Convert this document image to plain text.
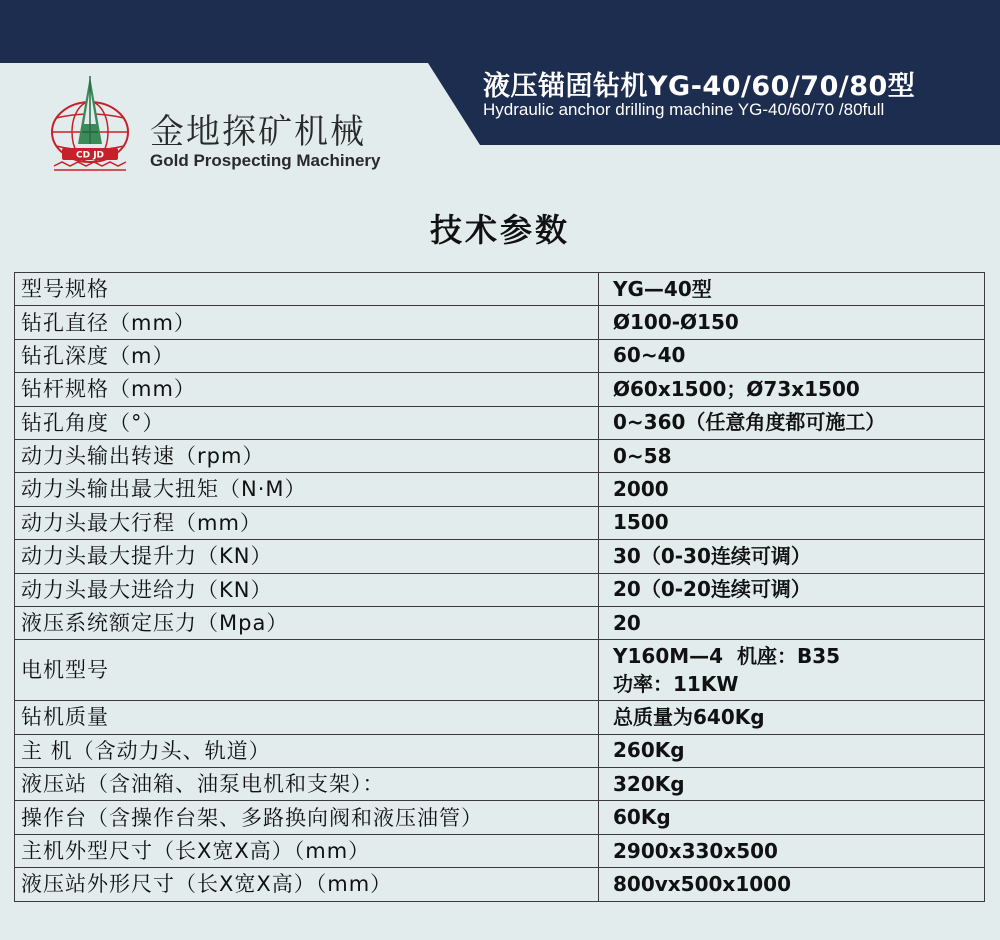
液压锚固钻机YG-40/60/70/80型
Hydraulic anchor drilling machine YG-40/60/70 /80full
CD JD
金地探矿机械
Gold Prospecting Machinery
技术参数
型号规格	YG—40型
钻孔直径（mm）	Ø100-Ø150
钻孔深度（m）	60~40
钻杆规格（mm）	Ø60x1500；Ø73x1500
钻孔角度（°）	0~360（任意角度都可施工）
动力头输出转速（rpm）	0~58
动力头输出最大扭矩（N·M）	2000
动力头最大行程（mm）	1500
动力头最大提升力（KN）	30（0-30连续可调）
动力头最大进给力（KN）	20（0-20连续可调）
液压系统额定压力（Mpa）	20
电机型号	Y160M—4  机座：B35
功率：11KW

钻机质量	总质量为640Kg
主 机（含动力头、轨道）	260Kg
液压站（含油箱、油泵电机和支架）：	320Kg
操作台（含操作台架、多路换向阀和液压油管）	60Kg
主机外型尺寸（长X宽X高）（mm）	2900x330x500
液压站外形尺寸（长X宽X高）（mm）	800vx500x1000
